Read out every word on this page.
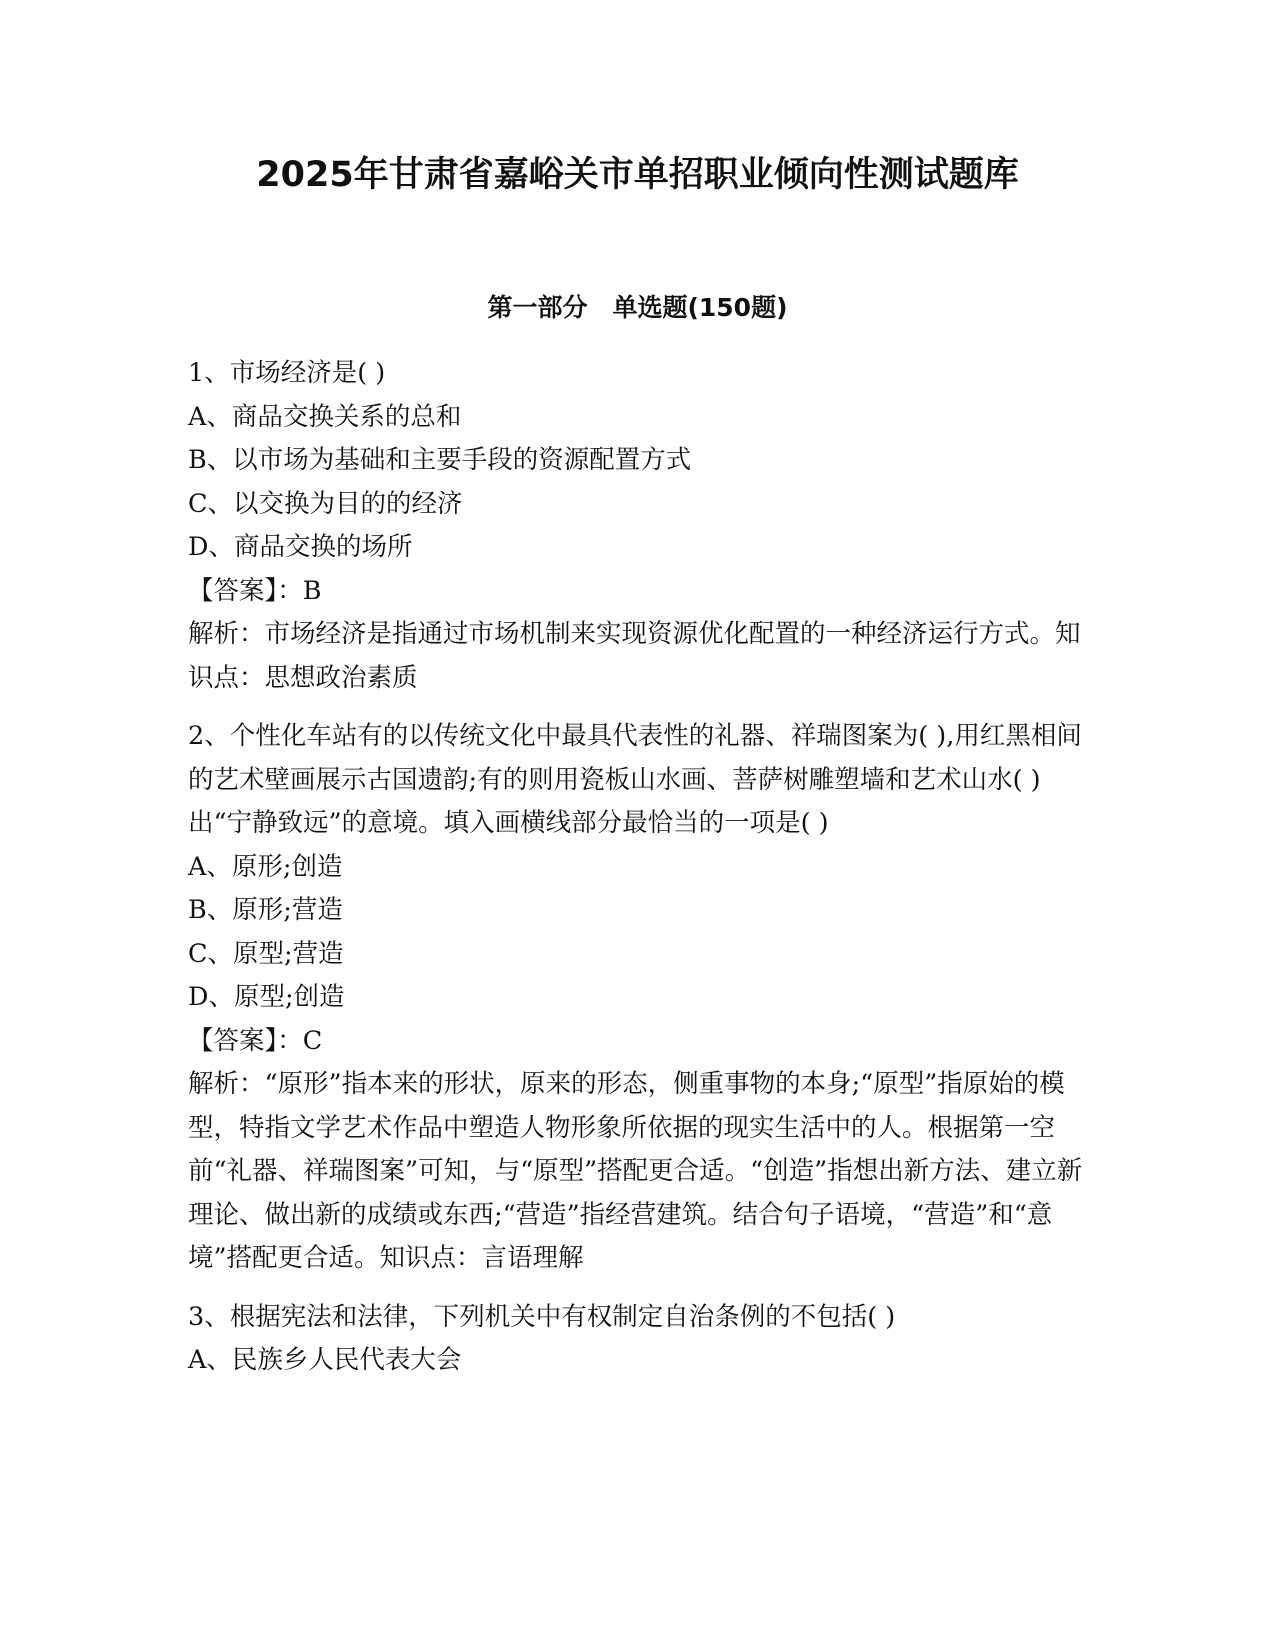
2025年甘肃省嘉峪关市单招职业倾向性测试题库
第一部分　单选题(150题)
1、市场经济是( )
A、商品交换关系的总和
B、以市场为基础和主要手段的资源配置方式
C、以交换为目的的经济
D、商品交换的场所
【答案】：B
解析：市场经济是指通过市场机制来实现资源优化配置的一种经济运行方式。知识点：思想政治素质
2、个性化车站有的以传统文化中最具代表性的礼器、祥瑞图案为( ),用红黑相间的艺术壁画展示古国遗韵;有的则用瓷板山水画、菩萨树雕塑墙和艺术山水( )出“宁静致远”的意境。填入画横线部分最恰当的一项是( )
A、原形;创造
B、原形;营造
C、原型;营造
D、原型;创造
【答案】：C
解析：“原形”指本来的形状，原来的形态，侧重事物的本身;“原型”指原始的模型，特指文学艺术作品中塑造人物形象所依据的现实生活中的人。根据第一空前“礼器、祥瑞图案”可知，与“原型”搭配更合适。“创造”指想出新方法、建立新理论、做出新的成绩或东西;“营造”指经营建筑。结合句子语境，“营造”和“意境”搭配更合适。知识点：言语理解
3、根据宪法和法律，下列机关中有权制定自治条例的不包括( )
A、民族乡人民代表大会
